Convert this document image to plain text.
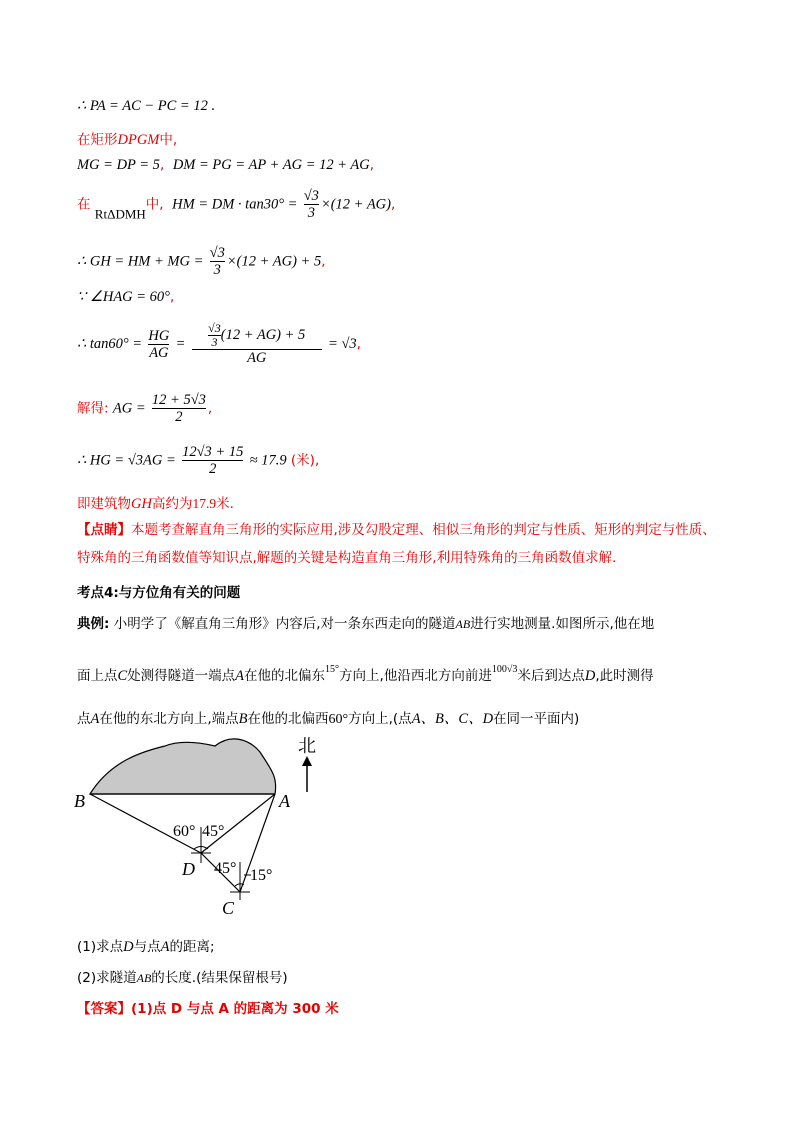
∴ PA = AC − PC = 12 .
在矩形DPGM中,
MG = DP = 5, DM = PG = AP + AG = 12 + AG,
在 RtΔDMH中, HM = DM · $\tan 30^\circ = \frac{√3}{3} \times(12 + AG)$,
∴ GH = HM + MG = $\frac{√3}{3} \times(12 + AG) + 5$,
∵ ∠HAG = 60°,
∴ $\tan 60^\circ = \frac{HG}{AG} = \frac{\frac{√3}{3} (12 + AG) + 5}{AG} = √3$,
解得: AG = $\frac{12 + 5√3}{2}$ ,
∴ HG = $√3AG = \frac{12√3 + 15}{2} \approx 17.9$ (米),
即建筑物GH高约为17.9米.
【点睛】本题考查解直角三角形的实际应用,涉及勾股定理、相似三角形的判定与性质、矩形的判定与性质、特殊角的三角函数值等知识点,解题的关键是构造直角三角形,利用特殊角的三角函数值求解.
考点4:与方位角有关的问题
典例: 小明学了《解直角三角形》内容后,对一条东西走向的隧道AB进行实地测量.如图所示,他在地
面上点C处测得隧道一端点A在他的北偏东$^{15^\circ}$方向上,他沿西北方向前进$^{100√3}$米后到达点D,此时测得
点A在他的东北方向上,端点B在他的北偏西60°方向上,(点A、B、C、D在同一平面内)
北
B	A
D
C
60° 45°
45° 15°
(1)求点D与点A的距离;
(2)求隧道AB的长度.(结果保留根号)
【答案】(1)点 D 与点 A 的距离为 300 米
